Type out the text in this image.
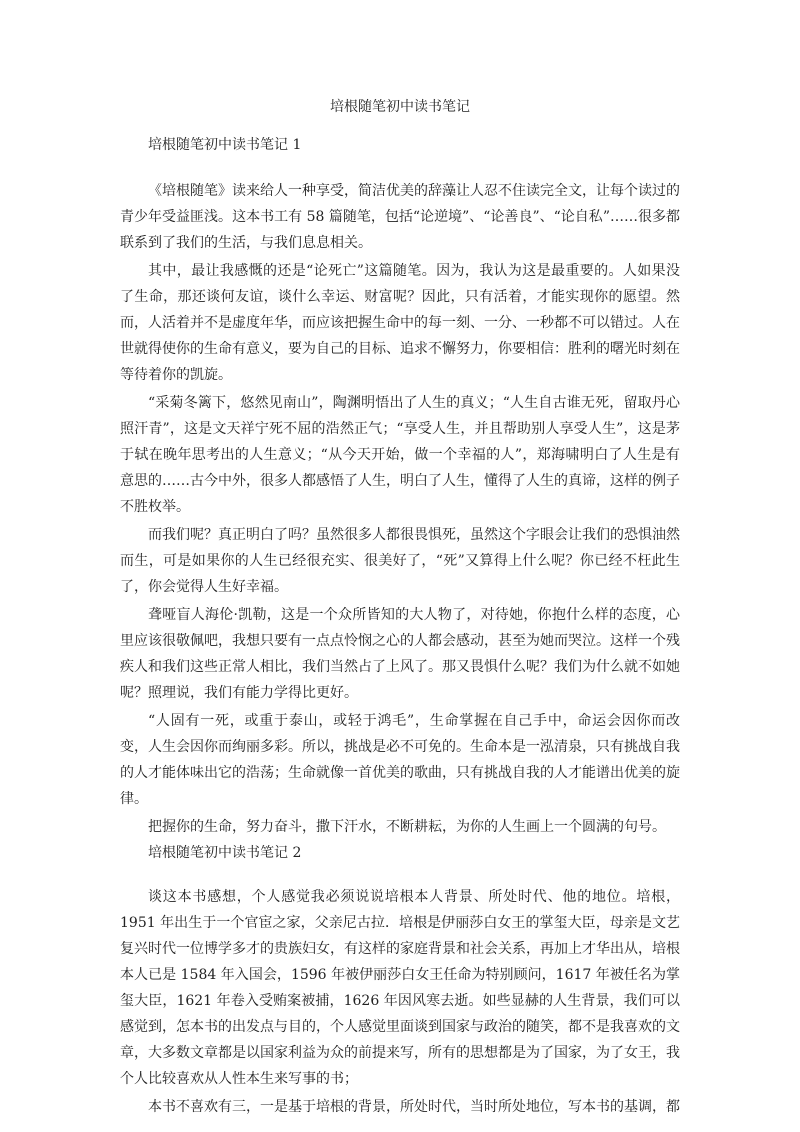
培根随笔初中读书笔记
培根随笔初中读书笔记 1
《培根随笔》读来给人一种享受，简洁优美的辞藻让人忍不住读完全文，让每个读过的青少年受益匪浅。这本书工有 58 篇随笔，包括“论逆境”、“论善良”、“论自私”……很多都联系到了我们的生活，与我们息息相关。
其中，最让我感慨的还是“论死亡”这篇随笔。因为，我认为这是最重要的。人如果没了生命，那还谈何友谊，谈什么幸运、财富呢？因此，只有活着，才能实现你的愿望。然而，人活着并不是虚度年华，而应该把握生命中的每一刻、一分、一秒都不可以错过。人在世就得使你的生命有意义，要为自己的目标、追求不懈努力，你要相信：胜利的曙光时刻在等待着你的凯旋。
“采菊冬篱下，悠然见南山”，陶渊明悟出了人生的真义；“人生自古谁无死，留取丹心照汗青”，这是文天祥宁死不屈的浩然正气；“享受人生，并且帮助别人享受人生”，这是茅于轼在晚年思考出的人生意义；“从今天开始，做一个幸福的人”，郑海啸明白了人生是有意思的……古今中外，很多人都感悟了人生，明白了人生，懂得了人生的真谛，这样的例子不胜枚举。
而我们呢？真正明白了吗？虽然很多人都很畏惧死，虽然这个字眼会让我们的恐惧油然而生，可是如果你的人生已经很充实、很美好了，“死”又算得上什么呢？你已经不枉此生了，你会觉得人生好幸福。
聋哑盲人海伦·凯勒，这是一个众所皆知的大人物了，对待她，你抱什么样的态度，心里应该很敬佩吧，我想只要有一点点怜悯之心的人都会感动，甚至为她而哭泣。这样一个残疾人和我们这些正常人相比，我们当然占了上风了。那又畏惧什么呢？我们为什么就不如她呢？照理说，我们有能力学得比更好。
“人固有一死，或重于泰山，或轻于鸿毛”，生命掌握在自己手中，命运会因你而改变，人生会因你而绚丽多彩。所以，挑战是必不可免的。生命本是一泓清泉，只有挑战自我的人才能体味出它的浩荡；生命就像一首优美的歌曲，只有挑战自我的人才能谱出优美的旋律。
把握你的生命，努力奋斗，撒下汗水，不断耕耘，为你的人生画上一个圆满的句号。
培根随笔初中读书笔记 2
谈这本书感想，个人感觉我必须说说培根本人背景、所处时代、他的地位。培根，1951 年出生于一个官宦之家，父亲尼古拉．培根是伊丽莎白女王的掌玺大臣，母亲是文艺复兴时代一位博学多才的贵族妇女，有这样的家庭背景和社会关系，再加上才华出从，培根本人已是 1584 年入国会，1596 年被伊丽莎白女王任命为特别顾问，1617 年被任名为掌玺大臣，1621 年卷入受贿案被捕，1626 年因风寒去逝。如些显赫的人生背景，我们可以感觉到，怎本书的出发点与目的，个人感觉里面谈到国家与政治的随笑，都不是我喜欢的文章，大多数文章都是以国家利益为众的前提来写，所有的思想都是为了国家，为了女王，我个人比较喜欢从人性本生来写事的书；
本书不喜欢有三，一是基于培根的背景，所处时代，当时所处地位，写本书的基调，都
